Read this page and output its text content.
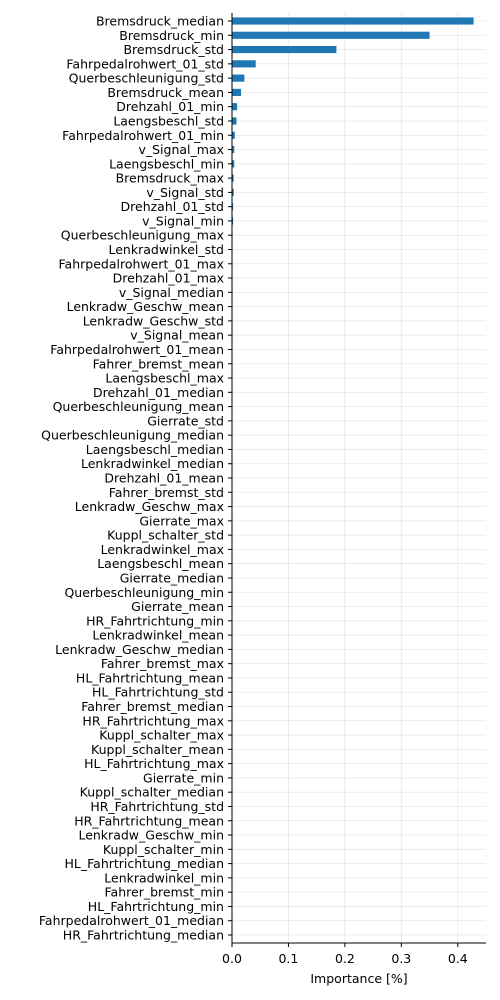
Bremsdruck_median
Bremsdruck_min
Bremsdruck_std
Fahrpedalrohwert_01_std
Querbeschleunigung_std
Bremsdruck_mean
Drehzahl_01_min
Laengsbeschl_std
Fahrpedalrohwert_01_min
v_Signal_max
Laengsbeschl_min
Bremsdruck_max
v_Signal_std
Drehzahl_01_std
v_Signal_min
Querbeschleunigung_max
Lenkradwinkel_std
Fahrpedalrohwert_01_max
Drehzahl_01_max
v_Signal_median
Lenkradw_Geschw_mean
Lenkradw_Geschw_std
v_Signal_mean
Fahrpedalrohwert_01_mean
Fahrer_bremst_mean
Laengsbeschl_max
Drehzahl_01_median
Querbeschleunigung_mean
Gierrate_std
Querbeschleunigung_median
Laengsbeschl_median
Lenkradwinkel_median
Drehzahl_01_mean
Fahrer_bremst_std
Lenkradw_Geschw_max
Gierrate_max
Kuppl_schalter_std
Lenkradwinkel_max
Laengsbeschl_mean
Gierrate_median
Querbeschleunigung_min
Gierrate_mean
HR_Fahrtrichtung_min
Lenkradwinkel_mean
Lenkradw_Geschw_median
Fahrer_bremst_max
HL_Fahrtrichtung_mean
HL_Fahrtrichtung_std
Fahrer_bremst_median
HR_Fahrtrichtung_max
Kuppl_schalter_max
Kuppl_schalter_mean
HL_Fahrtrichtung_max
Gierrate_min
Kuppl_schalter_median
HR_Fahrtrichtung_std
HR_Fahrtrichtung_mean
Lenkradw_Geschw_min
Kuppl_schalter_min
HL_Fahrtrichtung_median
Lenkradwinkel_min
Fahrer_bremst_min
HL_Fahrtrichtung_min
Fahrpedalrohwert_01_median
HR_Fahrtrichtung_median
0.0	0.1	0.2	0.3	0.4
Importance [%]
